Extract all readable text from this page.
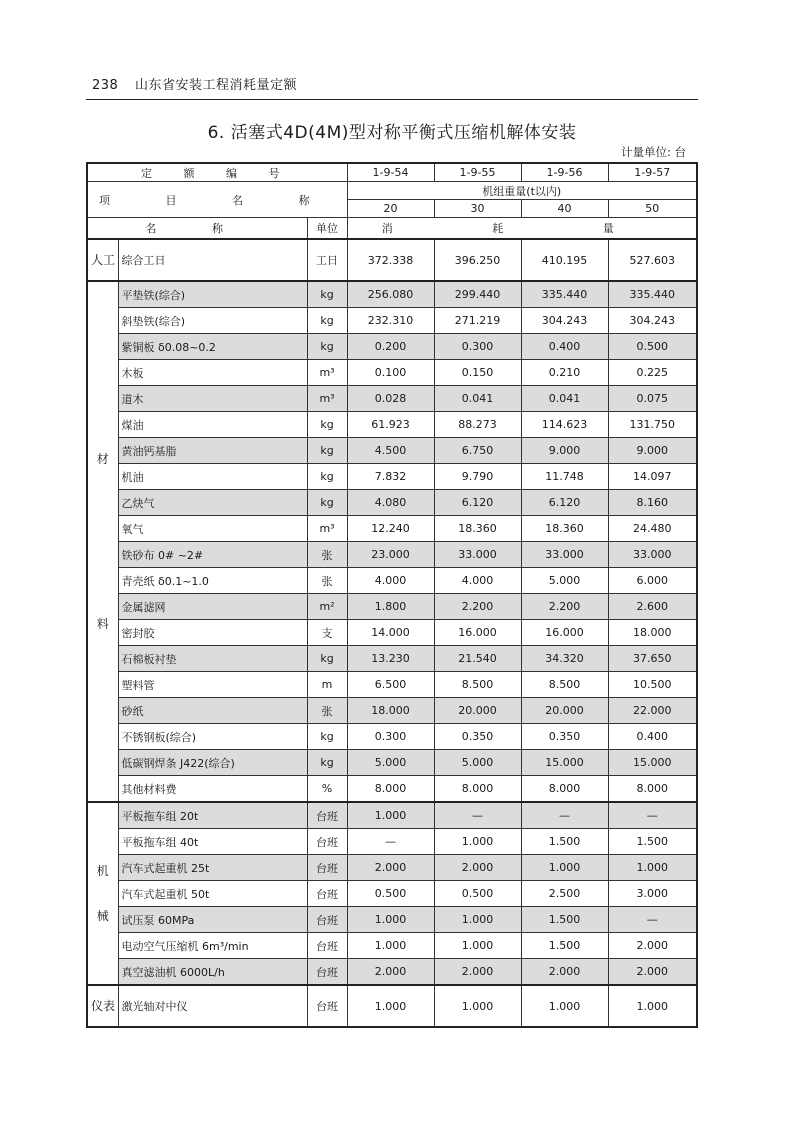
238 山东省安装工程消耗量定额
6. 活塞式4D(4M)型对称平衡式压缩机解体安装
计量单位: 台
定 额 编 号			1-9-54	1-9-55	1-9-56	1-9-57
项 目 名 称			机组重量(t以内)			
			20	30	40	50
名 称		单位	消 耗 量			

人工	综合工日	工日	372.338	396.250	410.195	527.603

材
料	平垫铁(综合)	kg	256.080	299.440	335.440	335.440
	斜垫铁(综合)	kg	232.310	271.219	304.243	304.243
	紫铜板 δ0.08~0.2	kg	0.200	0.300	0.400	0.500
	木板	m³	0.100	0.150	0.210	0.225
	道木	m³	0.028	0.041	0.041	0.075
	煤油	kg	61.923	88.273	114.623	131.750
	黄油钙基脂	kg	4.500	6.750	9.000	9.000
	机油	kg	7.832	9.790	11.748	14.097
	乙炔气	kg	4.080	6.120	6.120	8.160
	氧气	m³	12.240	18.360	18.360	24.480
	铁砂布 0# ~2#	张	23.000	33.000	33.000	33.000
	青壳纸 δ0.1~1.0	张	4.000	4.000	5.000	6.000
	金属滤网	m²	1.800	2.200	2.200	2.600
	密封胶	支	14.000	16.000	16.000	18.000
	石棉板衬垫	kg	13.230	21.540	34.320	37.650
	塑料管	m	6.500	8.500	8.500	10.500
	砂纸	张	18.000	20.000	20.000	22.000
	不锈钢板(综合)	kg	0.300	0.350	0.350	0.400
	低碳钢焊条 J422(综合)	kg	5.000	5.000	15.000	15.000
	其他材料费	%	8.000	8.000	8.000	8.000

机
械	平板拖车组 20t	台班	1.000	—	—	—
	平板拖车组 40t	台班	—	1.000	1.500	1.500
	汽车式起重机 25t	台班	2.000	2.000	1.000	1.000
	汽车式起重机 50t	台班	0.500	0.500	2.500	3.000
	试压泵 60MPa	台班	1.000	1.000	1.500	—
	电动空气压缩机 6m³/min	台班	1.000	1.000	1.500	2.000
	真空滤油机 6000L/h	台班	2.000	2.000	2.000	2.000

仪表	激光轴对中仪	台班	1.000	1.000	1.000	1.000
